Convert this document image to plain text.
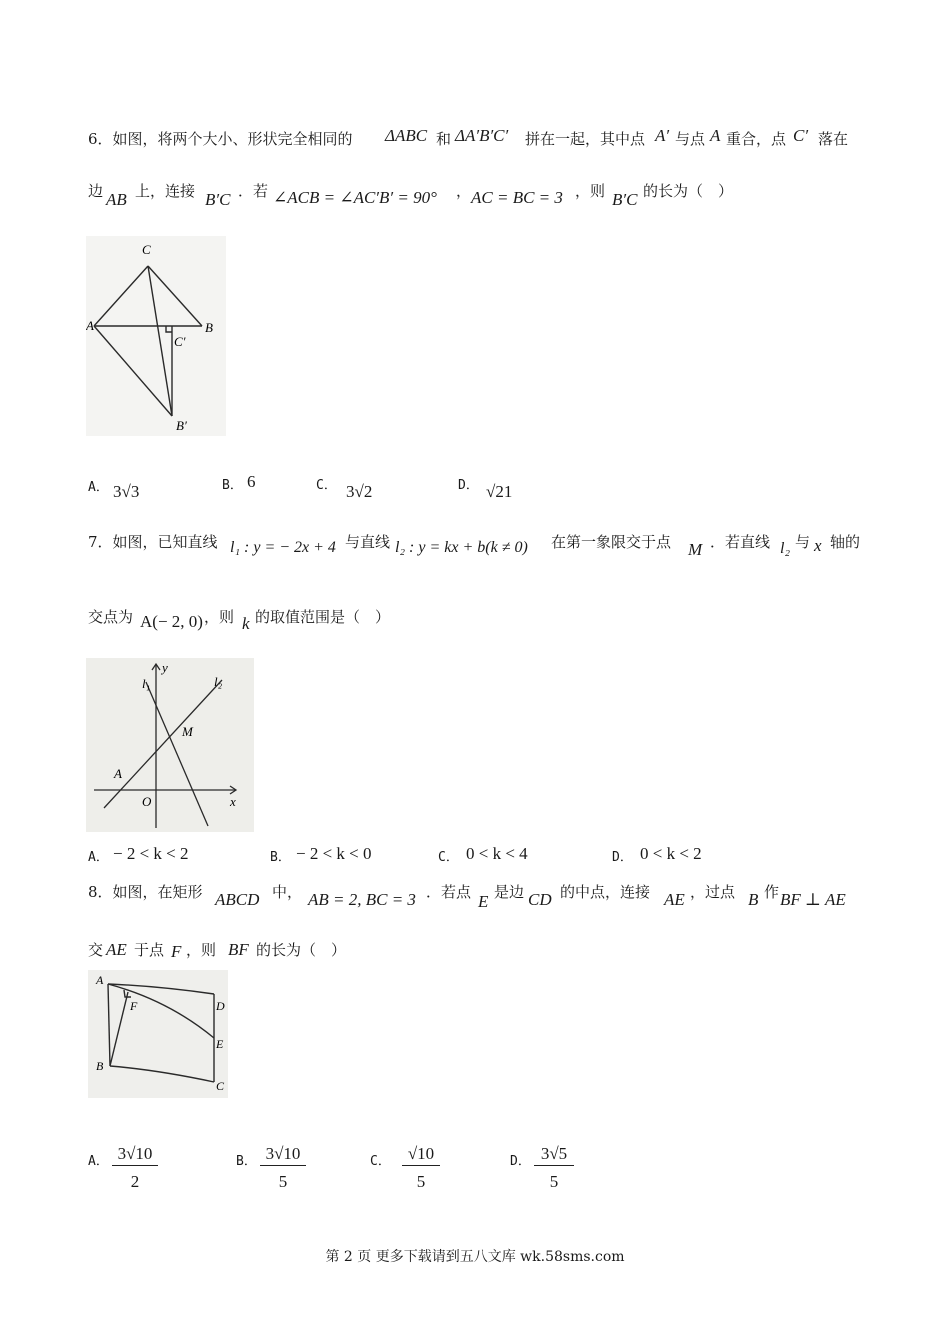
6．如图，将两个大小、形状完全相同的 ΔABC 和 ΔA′B′C′ 拼在一起，其中点 A′ 与点 A 重合，点 C′ 落在
边 AB 上，连接 B′C ．若 ∠ACB = ∠AC′B′ = 90° ， AC = BC = 3 ，则 B′C 的长为（　）
C
A	B
C′
B′
A． 3√3	B． 6	C． 3√2	D． √21
7．如图，已知直线 l₁ : y = − 2x + 4 与直线 l₂ : y = kx + b(k ≠ 0) 在第一象限交于点 M ．若直线 l₂ 与 x 轴的
交点为 A(− 2, 0) ，则 k 的取值范围是（　）
l₁	l₂
y
M
A
O	x
A． − 2 < k < 2	B． − 2 < k < 0	C． 0 < k < 4	D． 0 < k < 2
8．如图，在矩形 ABCD 中， AB = 2, BC = 3 ．若点 E 是边 CD 的中点，连接 AE ，过点 B 作 BF ⊥ AE
交 AE 于点 F ，则 BF 的长为（　）
A
F	D
E
B
C
A． $\frac{3√10}{2}$	B． $\frac{3√10}{5}$	C． $\frac{√10}{5}$	D． $\frac{3√5}{5}$
第 2 页 更多下载请到五八文库 wk.58sms.com
